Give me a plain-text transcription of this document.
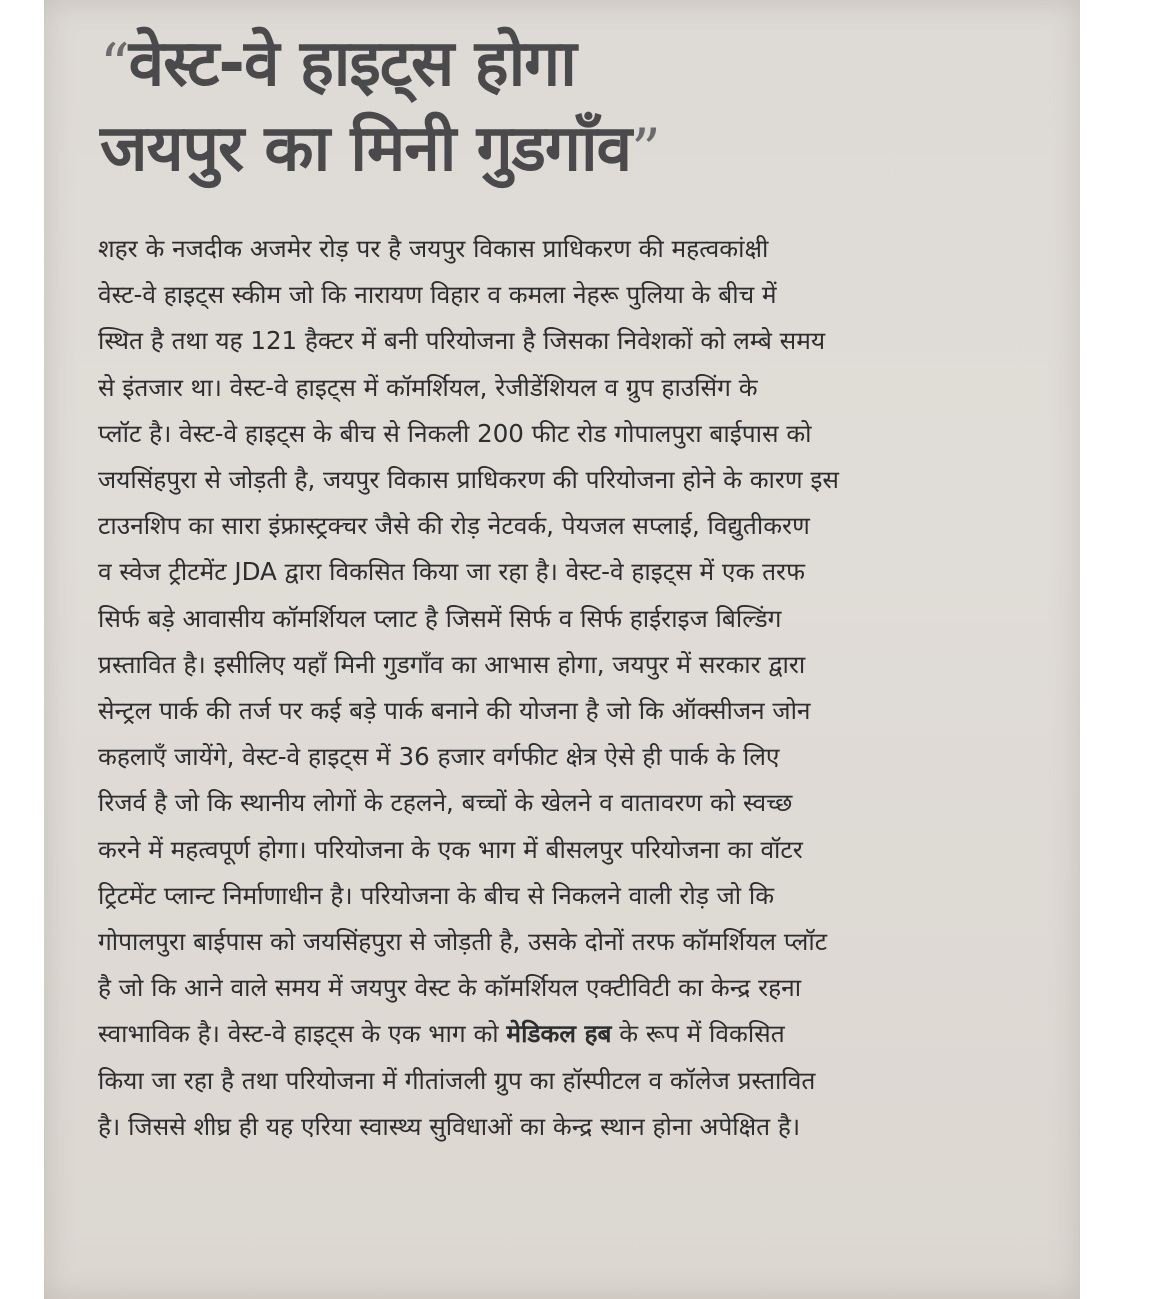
“वेस्ट-वे हाइट्स होगा
जयपुर का मिनी गुडगाँव”
शहर के नजदीक अजमेर रोड़ पर है जयपुर विकास प्राधिकरण की महत्वकांक्षी
वेस्ट-वे हाइट्स स्कीम जो कि नारायण विहार व कमला नेहरू पुलिया के बीच में
स्थित है तथा यह 121 हैक्टर में बनी परियोजना है जिसका निवेशकों को लम्बे समय
से इंतजार था। वेस्ट-वे हाइट्स में कॉमर्शियल, रेजीडेंशियल व ग्रुप हाउसिंग के
प्लॉट है। वेस्ट-वे हाइट्स के बीच से निकली 200 फीट रोड गोपालपुरा बाईपास को
जयसिंहपुरा से जोड़ती है, जयपुर विकास प्राधिकरण की परियोजना होने के कारण इस
टाउनशिप का सारा इंफ्रास्ट्रक्चर जैसे की रोड़ नेटवर्क, पेयजल सप्लाई, विद्युतीकरण
व स्वेज ट्रीटमेंट JDA द्वारा विकसित किया जा रहा है। वेस्ट-वे हाइट्स में एक तरफ
सिर्फ बड़े आवासीय कॉमर्शियल प्लाट है जिसमें सिर्फ व सिर्फ हाईराइज बिल्डिंग
प्रस्तावित है। इसीलिए यहाँ मिनी गुडगाँव का आभास होगा, जयपुर में सरकार द्वारा
सेन्ट्रल पार्क की तर्ज पर कई बड़े पार्क बनाने की योजना है जो कि ऑक्सीजन जोन
कहलाएँ जायेंगे, वेस्ट-वे हाइट्स में 36 हजार वर्गफीट क्षेत्र ऐसे ही पार्क के लिए
रिजर्व है जो कि स्थानीय लोगों के टहलने, बच्चों के खेलने व वातावरण को स्वच्छ
करने में महत्वपूर्ण होगा। परियोजना के एक भाग में बीसलपुर परियोजना का वॉटर
ट्रिटमेंट प्लान्ट निर्माणाधीन है। परियोजना के बीच से निकलने वाली रोड़ जो कि
गोपालपुरा बाईपास को जयसिंहपुरा से जोड़ती है, उसके दोनों तरफ कॉमर्शियल प्लॉट
है जो कि आने वाले समय में जयपुर वेस्ट के कॉमर्शियल एक्टीविटी का केन्द्र रहना
स्वाभाविक है। वेस्ट-वे हाइट्स के एक भाग को मेडिकल हब के रूप में विकसित
किया जा रहा है तथा परियोजना में गीतांजली ग्रुप का हॉस्पीटल व कॉलेज प्रस्तावित
है। जिससे शीघ्र ही यह एरिया स्वास्थ्य सुविधाओं का केन्द्र स्थान होना अपेक्षित है।
